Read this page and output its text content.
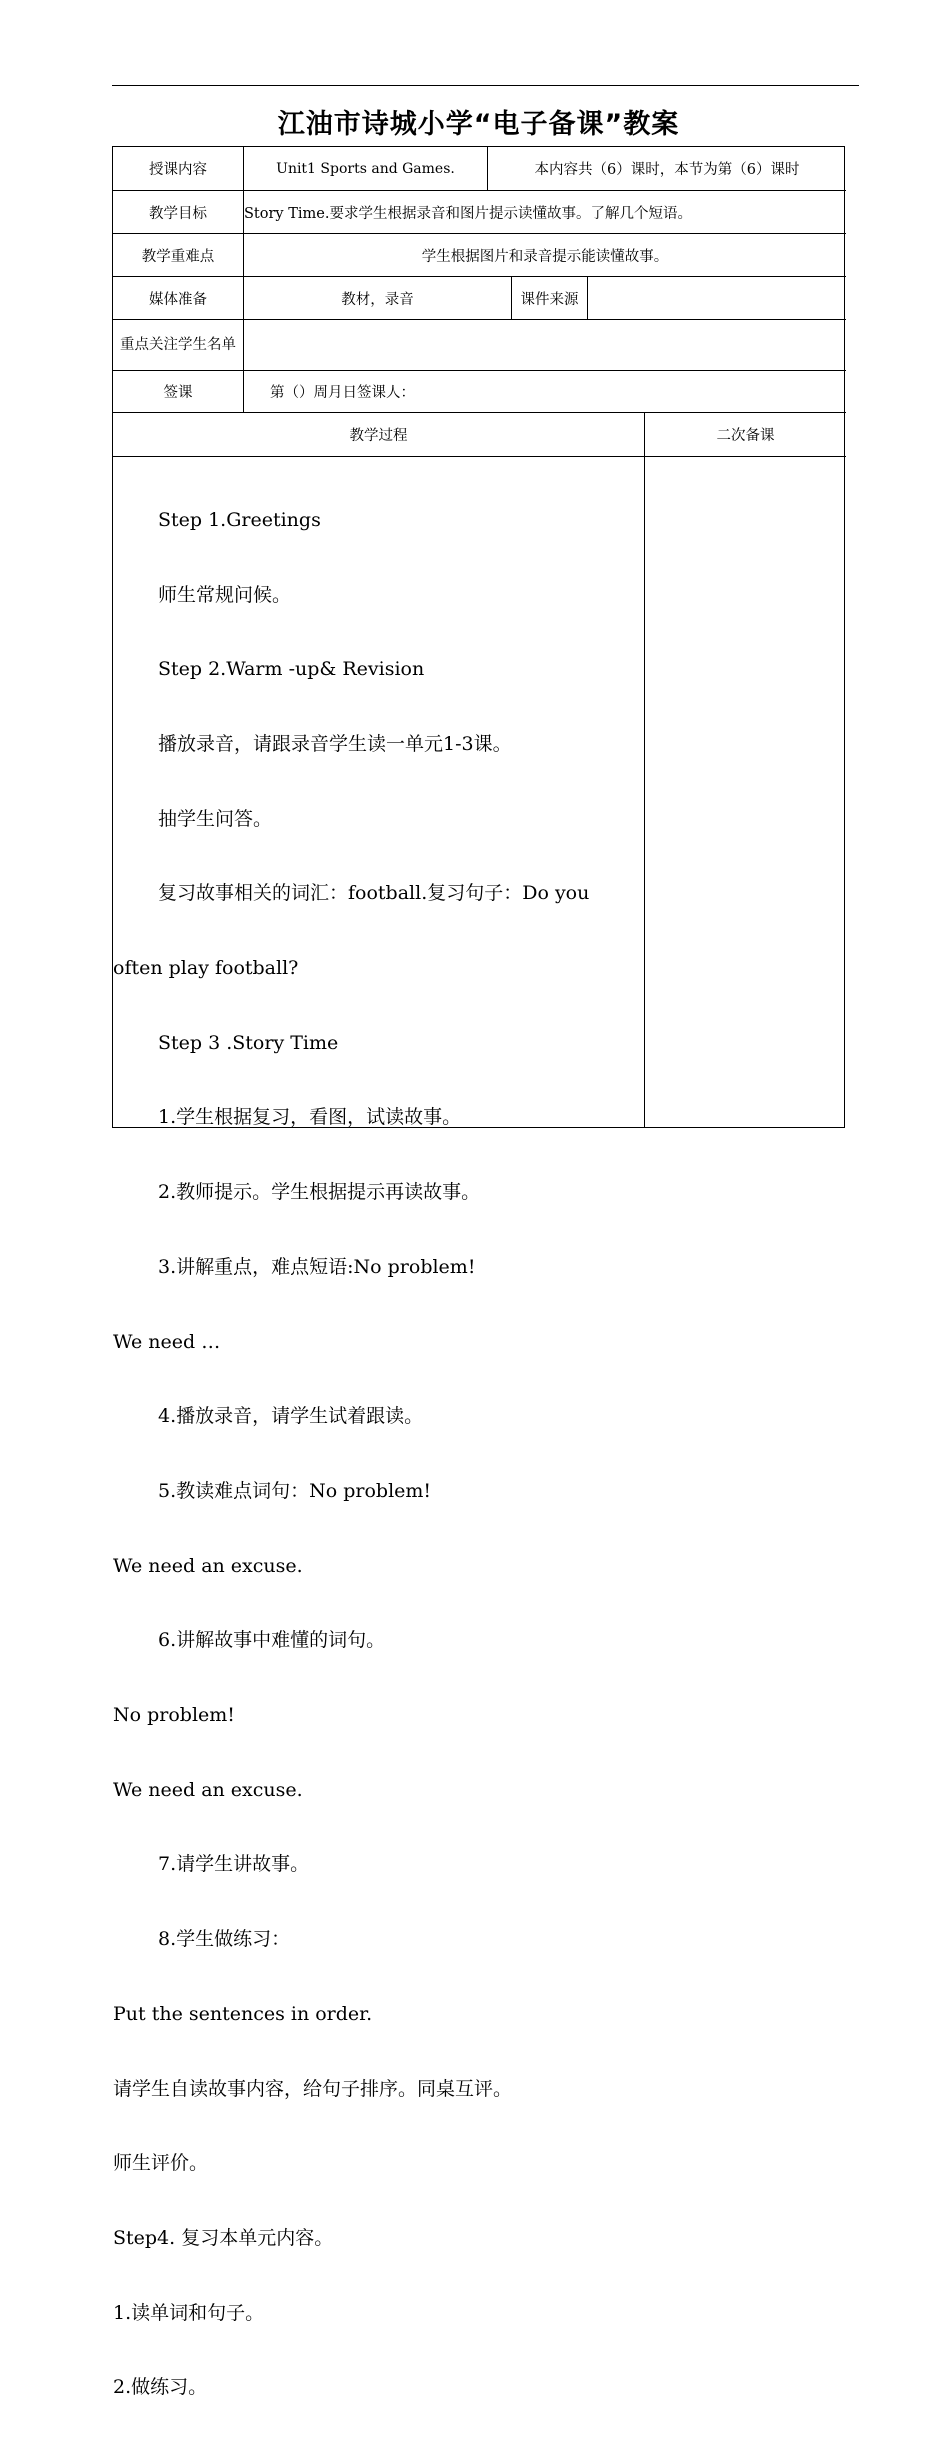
江油市诗城小学“电子备课”教案
授课内容	Unit1 Sports and Games.	本内容共（6）课时，本节为第（6）课时
教学目标	Story Time.要求学生根据录音和图片提示读懂故事。了解几个短语。
教学重难点	学生根据图片和录音提示能读懂故事。
媒体准备	教材，录音	课件来源
重点关注学生名单
签课	第（）周月日签课人：
教学过程	二次备课

Step 1.Greetings

师生常规问候。

Step 2.Warm -up& Revision

播放录音，请跟录音学生读一单元1-3课。

抽学生问答。

复习故事相关的词汇：football.复习句子：Do you

often play football?

Step 3 .Story Time

1.学生根据复习，看图，试读故事。

2.教师提示。学生根据提示再读故事。

3.讲解重点，难点短语:No problem!

We need …

4.播放录音，请学生试着跟读。

5.教读难点词句：No problem!

We need an excuse.

6.讲解故事中难懂的词句。

No problem!

We need an excuse.

7.请学生讲故事。

8.学生做练习：

Put the sentences in order.

请学生自读故事内容，给句子排序。同桌互评。

师生评价。

Step4. 复习本单元内容。

1.读单词和句子。

2.做练习。
